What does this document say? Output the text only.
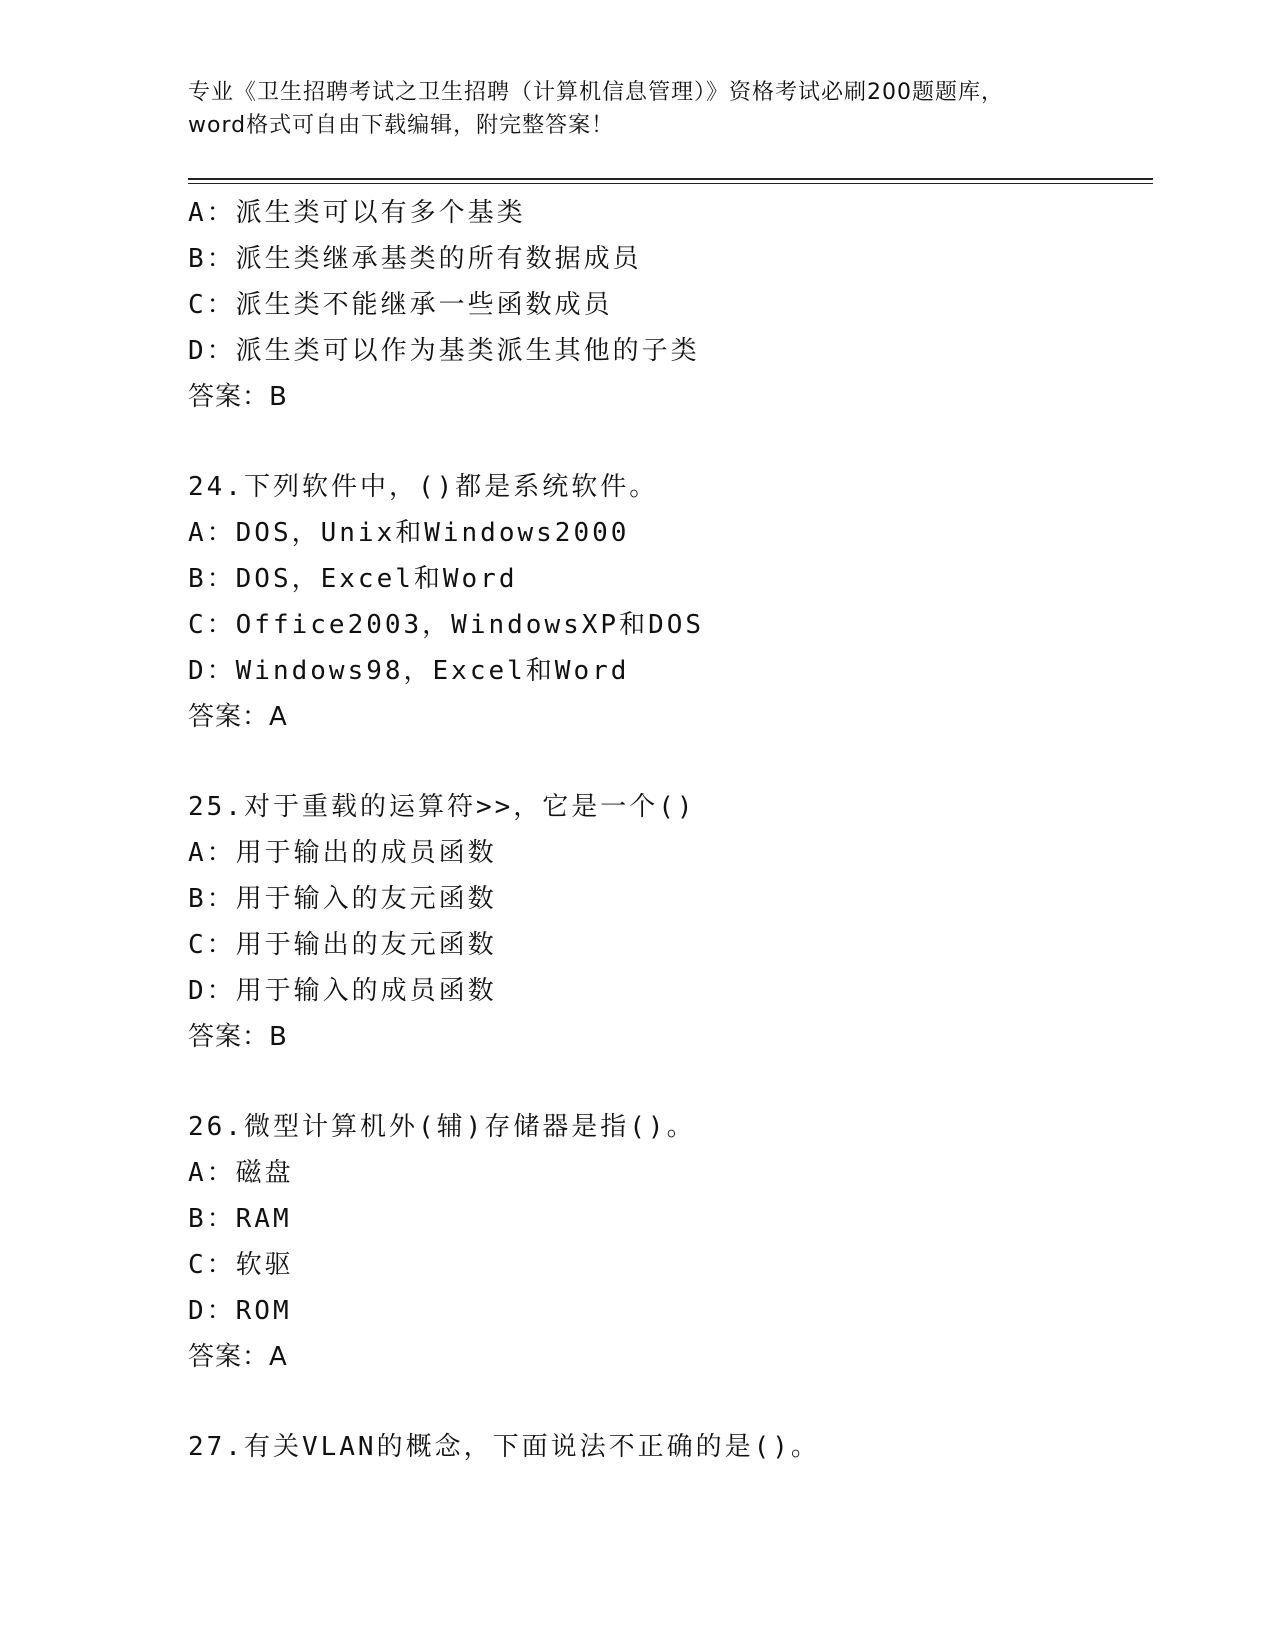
专业《卫生招聘考试之卫生招聘（计算机信息管理）》资格考试必刷200题题库，
word格式可自由下载编辑，附完整答案！
A：派生类可以有多个基类
B：派生类继承基类的所有数据成员
C：派生类不能继承一些函数成员
D：派生类可以作为基类派生其他的子类
答案：B
24.下列软件中，()都是系统软件。
A：DOS，Unix和Windows2000
B：DOS，Excel和Word
C：Office2003，WindowsXP和DOS
D：Windows98，Excel和Word
答案：A
25.对于重载的运算符>>，它是一个()
A：用于输出的成员函数
B：用于输入的友元函数
C：用于输出的友元函数
D：用于输入的成员函数
答案：B
26.微型计算机外(辅)存储器是指()。
A：磁盘
B：RAM
C：软驱
D：ROM
答案：A
27.有关VLAN的概念，下面说法不正确的是()。
